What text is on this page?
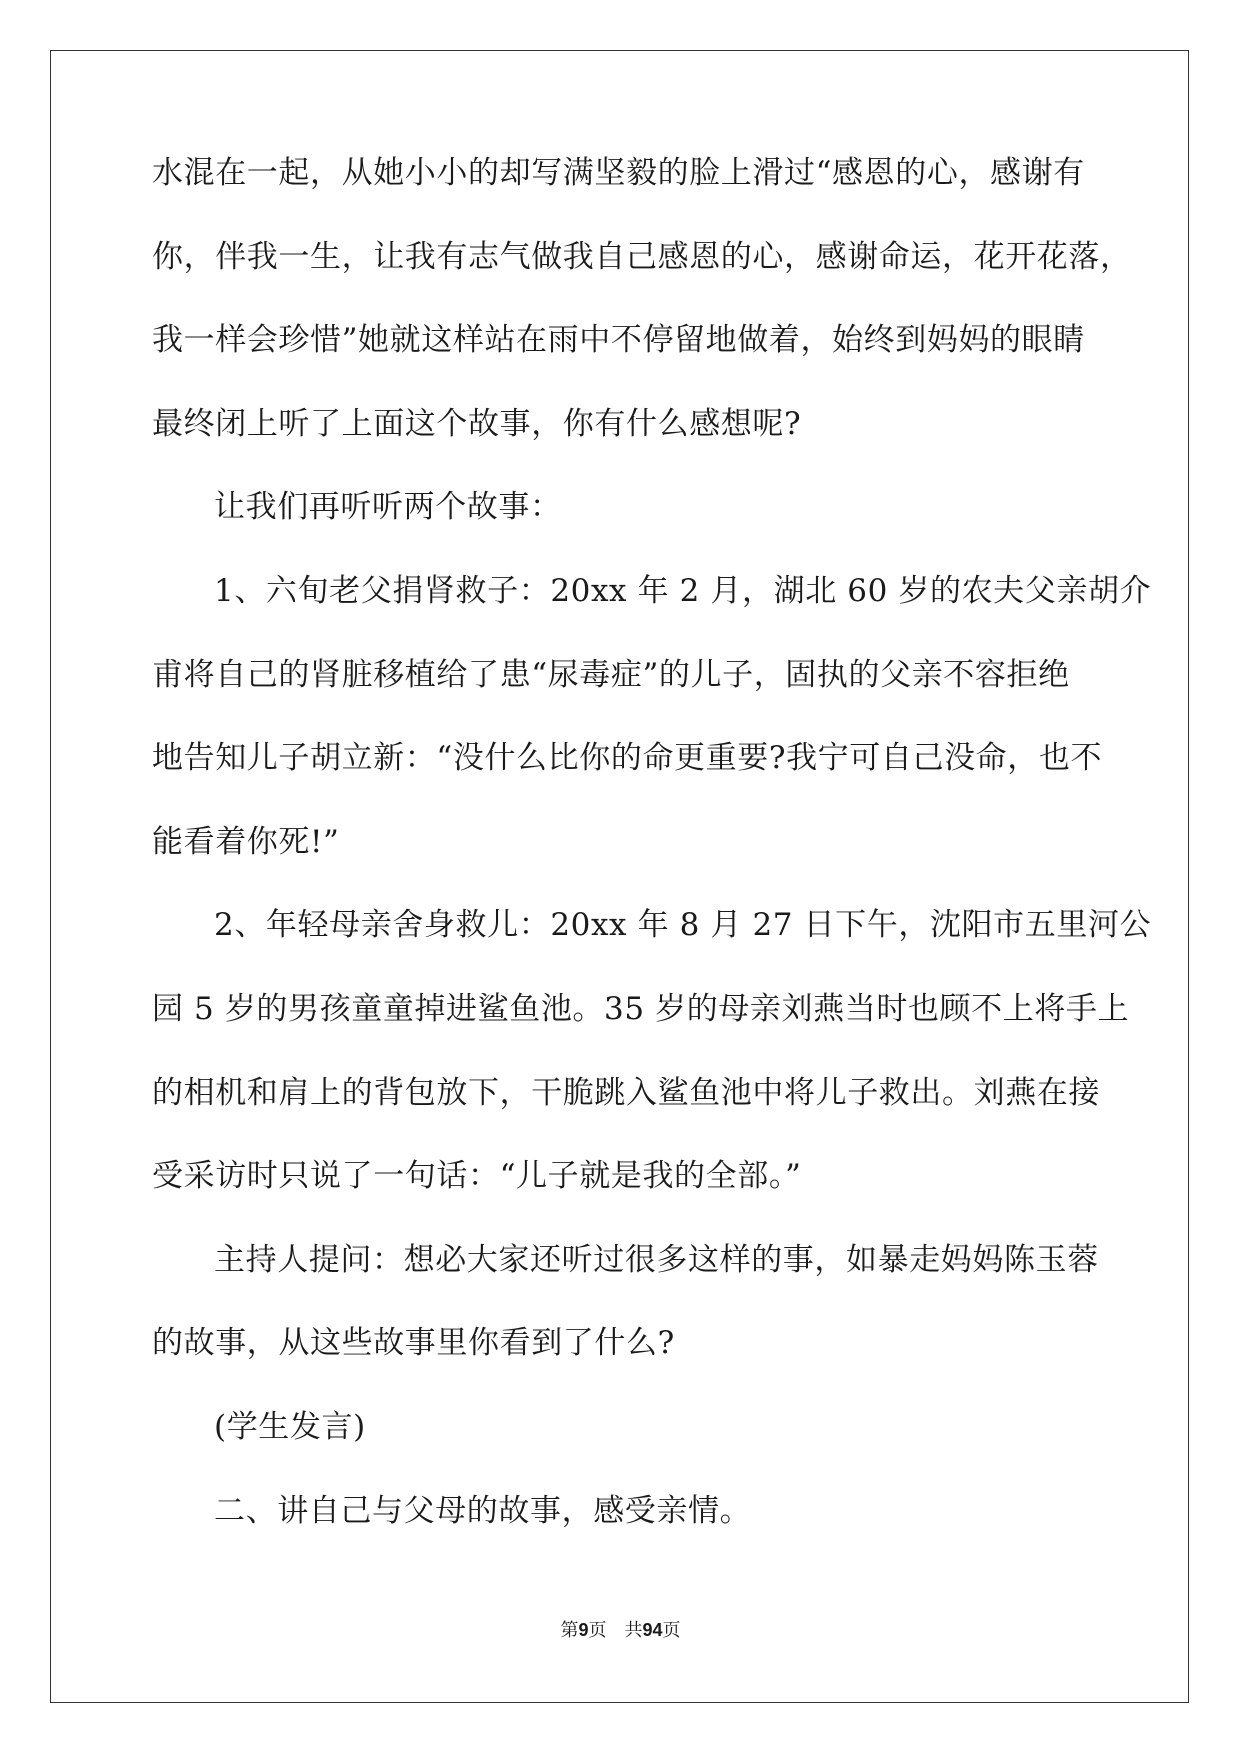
水混在一起，从她小小的却写满坚毅的脸上滑过“感恩的心，感谢有
你，伴我一生，让我有志气做我自己感恩的心，感谢命运，花开花落，
我一样会珍惜”她就这样站在雨中不停留地做着，始终到妈妈的眼睛
最终闭上听了上面这个故事，你有什么感想呢?
让我们再听听两个故事：
1、六旬老父捐肾救子：20xx 年 2 月，湖北 60 岁的农夫父亲胡介
甫将自己的肾脏移植给了患“尿毒症”的儿子，固执的父亲不容拒绝
地告知儿子胡立新：“没什么比你的命更重要?我宁可自己没命，也不
能看着你死!”
2、年轻母亲舍身救儿：20xx 年 8 月 27 日下午，沈阳市五里河公
园 5 岁的男孩童童掉进鲨鱼池。35 岁的母亲刘燕当时也顾不上将手上
的相机和肩上的背包放下，干脆跳入鲨鱼池中将儿子救出。刘燕在接
受采访时只说了一句话：“儿子就是我的全部。”
主持人提问：想必大家还听过很多这样的事，如暴走妈妈陈玉蓉
的故事，从这些故事里你看到了什么?
(学生发言)
二、讲自己与父母的故事，感受亲情。
第9页 共94页
